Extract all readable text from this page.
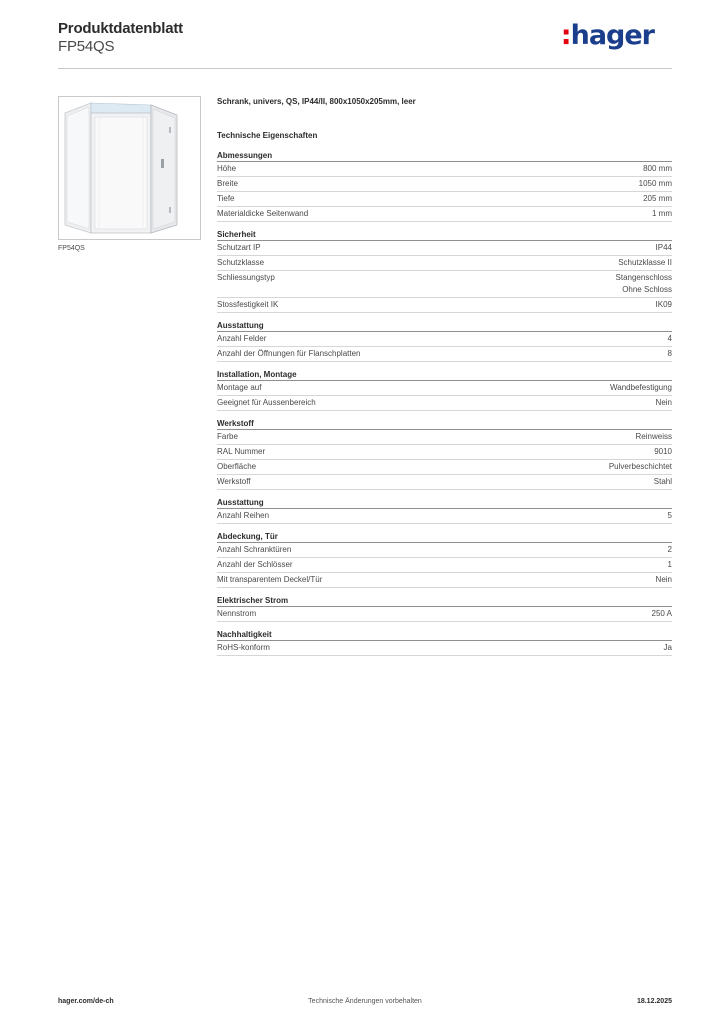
Produktdatenblatt
FP54QS	:hager
FP54QS
Schrank, univers, QS, IP44/II, 800x1050x205mm, leer
Technische Eigenschaften
Abmessungen
Höhe	800 mm
Breite	1050 mm
Tiefe	205 mm
Materialdicke Seitenwand	1 mm
Sicherheit
Schutzart IP	IP44
Schutzklasse	Schutzklasse II
Schliessungstyp	Stangenschloss
Ohne Schloss
Stossfestigkeit IK	IK09
Ausstattung
Anzahl Felder	4
Anzahl der Öffnungen für Flanschplatten	8
Installation, Montage
Montage auf	Wandbefestigung
Geeignet für Aussenbereich	Nein
Werkstoff
Farbe	Reinweiss
RAL Nummer	9010
Oberfläche	Pulverbeschichtet
Werkstoff	Stahl
Ausstattung
Anzahl Reihen	5
Abdeckung, Tür
Anzahl Schranktüren	2
Anzahl der Schlösser	1
Mit transparentem Deckel/Tür	Nein
Elektrischer Strom
Nennstrom	250 A
Nachhaltigkeit
RoHS-konform	Ja
Technische Änderungen vorbehalten
hager.com/de-ch	18.12.2025
